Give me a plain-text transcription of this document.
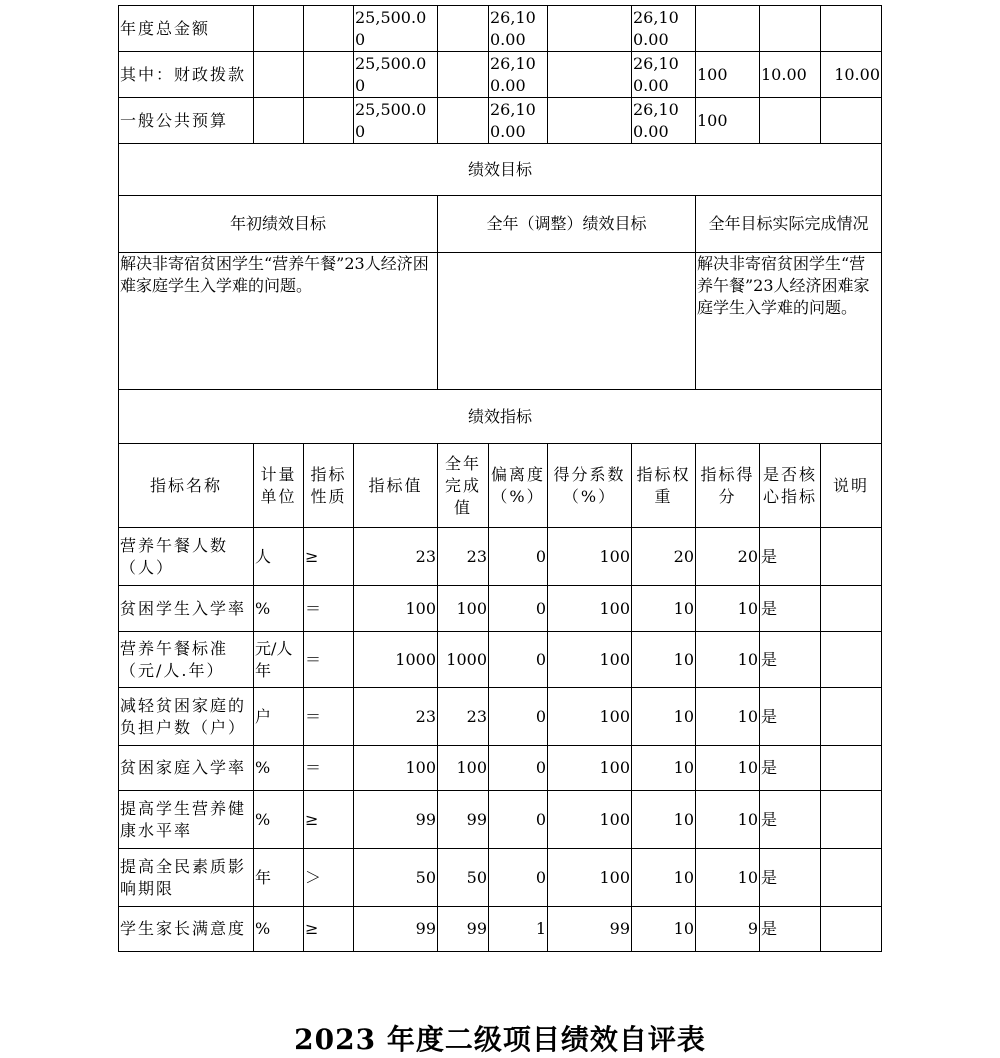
年度总金额			25,500.00		26,100.00		26,100.00			
其中：财政拨款			25,500.00		26,100.00		26,100.00	100	10.00	10.00
一般公共预算			25,500.00		26,100.00		26,100.00	100		
绩效目标										
年初绩效目标				全年（调整）绩效目标				全年目标实际完成情况		
解决非寄宿贫困学生“营养午餐”23人经济困难家庭学生入学难的问题。								解决非寄宿贫困学生“营养午餐”23人经济困难家庭学生入学难的问题。		
绩效指标										
指标名称	计量单位	指标性质	指标值	全年完成值	偏离度（%）	得分系数（%）	指标权重	指标得分	是否核心指标	说明
营养午餐人数（人）	人	≥	23	23	0	100	20	20	是	
贫困学生入学率	%	＝	100	100	0	100	10	10	是	
营养午餐标准（元/人.年）	元/人年	＝	1000	1000	0	100	10	10	是	
减轻贫困家庭的负担户数（户）	户	＝	23	23	0	100	10	10	是	
贫困家庭入学率	%	＝	100	100	0	100	10	10	是	
提高学生营养健康水平率	%	≥	99	99	0	100	10	10	是	
提高全民素质影响期限	年	＞	50	50	0	100	10	10	是	
学生家长满意度	%	≥	99	99	1	99	10	9	是	
2023 年度二级项目绩效自评表
